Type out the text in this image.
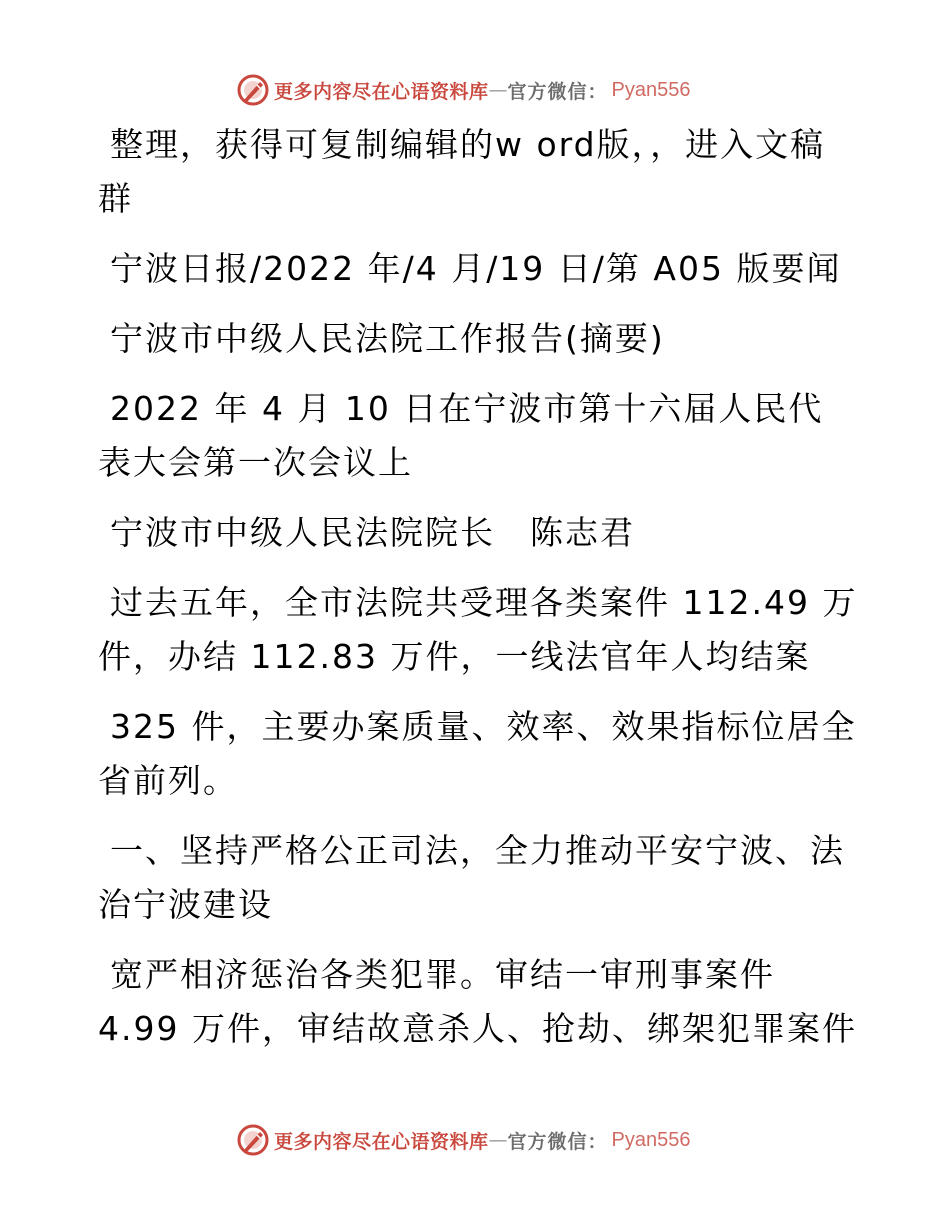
更多内容尽在心语资料库 — 官方微信： Pyan556

整理，获得可复制编辑的w ord版，，进入文稿群

宁波日报/2022 年/4 月/19 日/第 A05 版要闻

宁波市中级人民法院工作报告(摘要)

2022 年 4 月 10 日在宁波市第十六届人民代表大会第一次会议上

宁波市中级人民法院院长　陈志君

过去五年，全市法院共受理各类案件 112.49 万件，办结 112.83 万件，一线法官年人均结案

325 件，主要办案质量、效率、效果指标位居全省前列。

一、坚持严格公正司法，全力推动平安宁波、法治宁波建设

宽严相济惩治各类犯罪。审结一审刑事案件 4.99 万件，审结故意杀人、抢劫、绑架犯罪案件

更多内容尽在心语资料库 — 官方微信： Pyan556
